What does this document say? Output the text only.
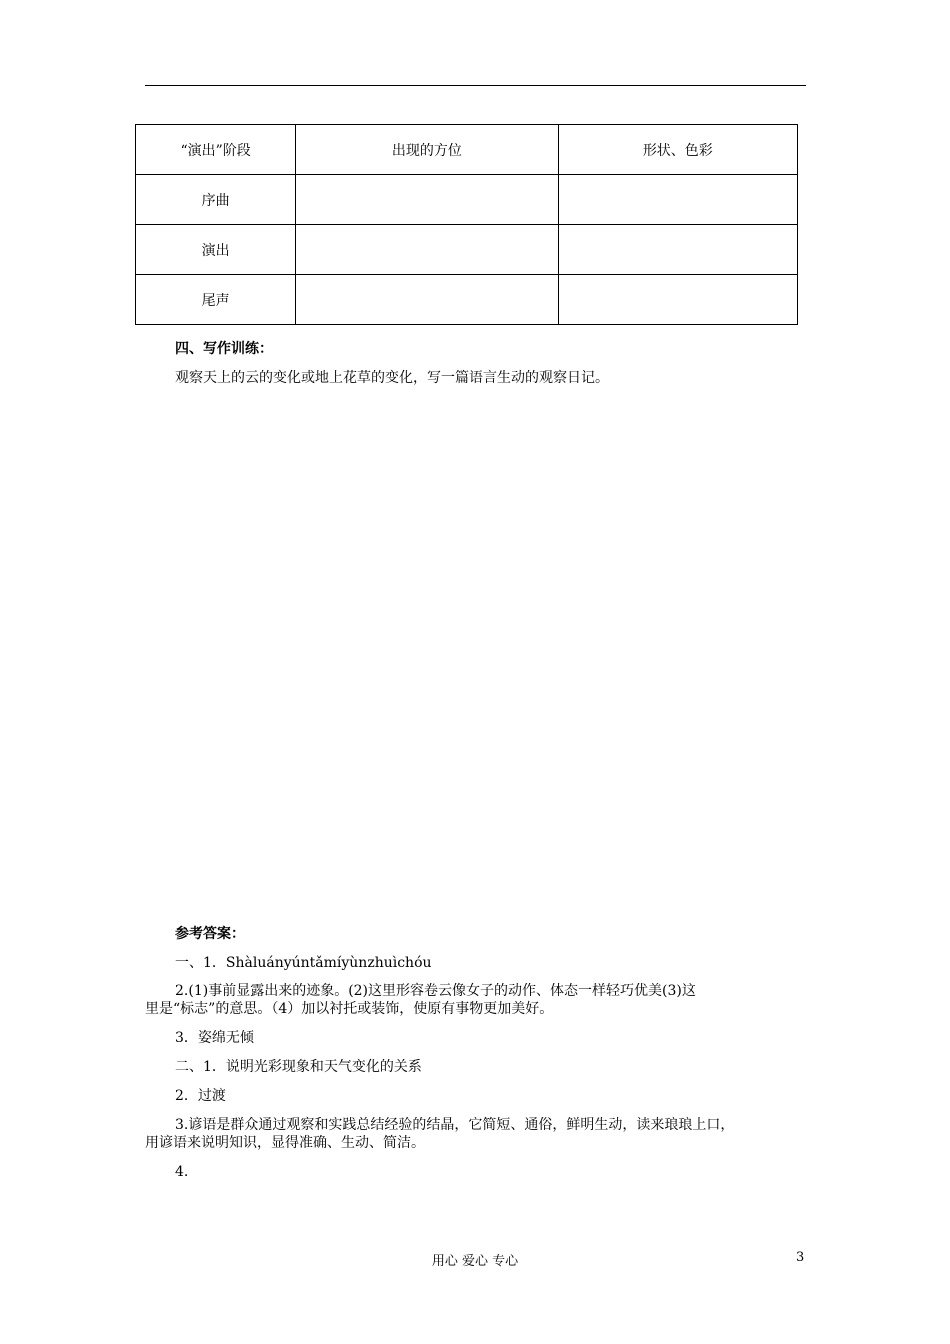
“演出”阶段	出现的方位	形状、色彩
序曲		
演出		
尾声		
四、写作训练：
观察天上的云的变化或地上花草的变化，写一篇语言生动的观察日记。
参考答案：
一、1．Shàluányúntǎmíyùnzhuìchóu
2.(1)事前显露出来的迹象。(2)这里形容卷云像女子的动作、体态一样轻巧优美(3)这
里是“标志”的意思。（4）加以衬托或装饰，使原有事物更加美好。
3．姿绵无倾
二、1．说明光彩现象和天气变化的关系
2．过渡
3.谚语是群众通过观察和实践总结经验的结晶，它简短、通俗，鲜明生动，读来琅琅上口，
用谚语来说明知识，显得准确、生动、简洁。
4.
用心 爱心 专心	3
